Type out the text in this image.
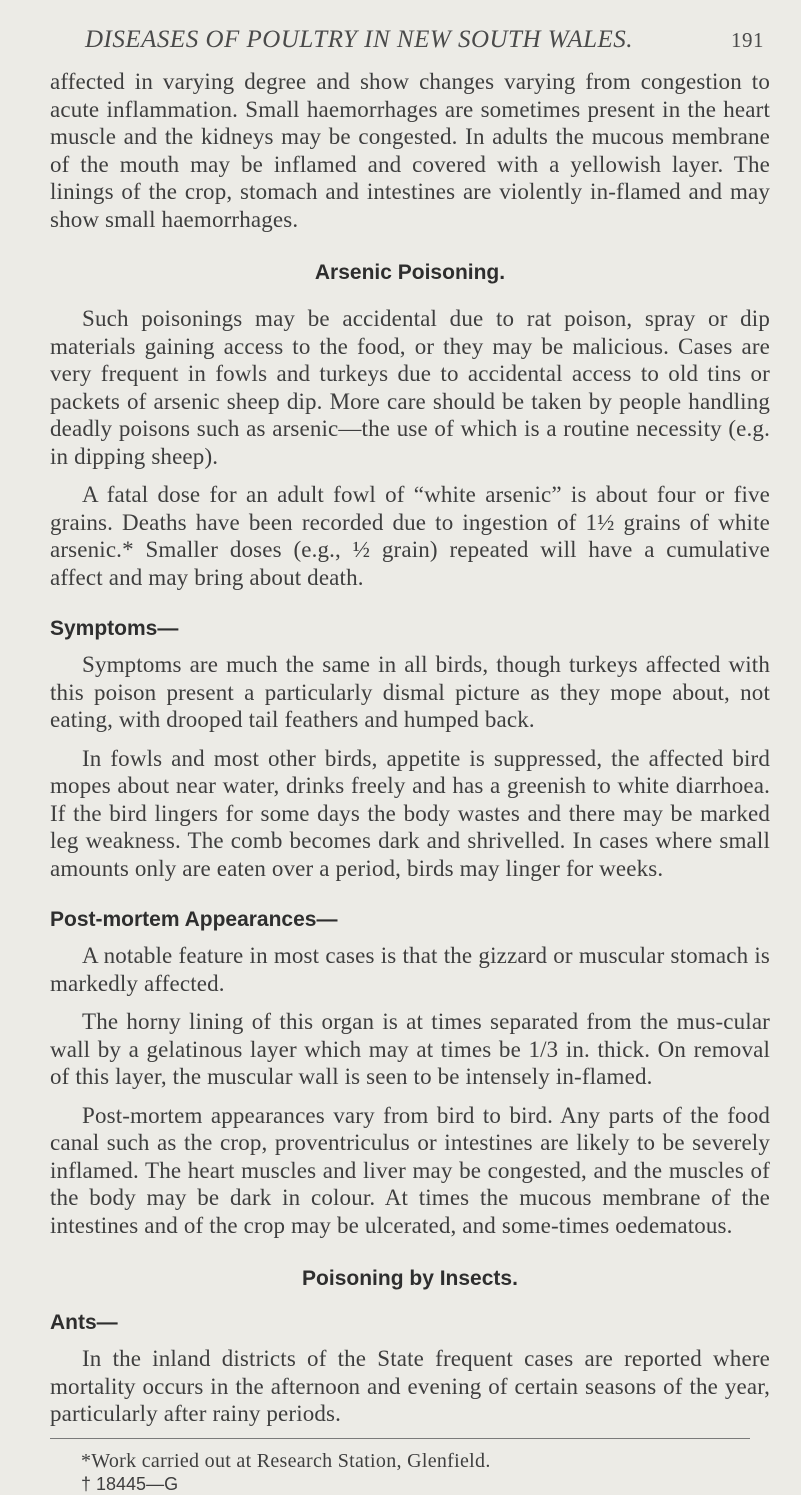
DISEASES OF POULTRY IN NEW SOUTH WALES.	191

affected in varying degree and show changes varying from congestion to acute inflammation. Small haemorrhages are sometimes present in the heart muscle and the kidneys may be congested. In adults the mucous membrane of the mouth may be inflamed and covered with a yellowish layer. The linings of the crop, stomach and intestines are violently in-flamed and may show small haemorrhages.

Arsenic Poisoning.

Such poisonings may be accidental due to rat poison, spray or dip materials gaining access to the food, or they may be malicious. Cases are very frequent in fowls and turkeys due to accidental access to old tins or packets of arsenic sheep dip. More care should be taken by people handling deadly poisons such as arsenic—the use of which is a routine necessity (e.g. in dipping sheep).

A fatal dose for an adult fowl of “white arsenic” is about four or five grains. Deaths have been recorded due to ingestion of 1½ grains of white arsenic.* Smaller doses (e.g., ½ grain) repeated will have a cumulative affect and may bring about death.

Symptoms—

Symptoms are much the same in all birds, though turkeys affected with this poison present a particularly dismal picture as they mope about, not eating, with drooped tail feathers and humped back.

In fowls and most other birds, appetite is suppressed, the affected bird mopes about near water, drinks freely and has a greenish to white diarrhoea. If the bird lingers for some days the body wastes and there may be marked leg weakness. The comb becomes dark and shrivelled. In cases where small amounts only are eaten over a period, birds may linger for weeks.

Post-mortem Appearances—

A notable feature in most cases is that the gizzard or muscular stomach is markedly affected.

The horny lining of this organ is at times separated from the mus-cular wall by a gelatinous layer which may at times be 1/3 in. thick. On removal of this layer, the muscular wall is seen to be intensely in-flamed.

Post-mortem appearances vary from bird to bird. Any parts of the food canal such as the crop, proventriculus or intestines are likely to be severely inflamed. The heart muscles and liver may be congested, and the muscles of the body may be dark in colour. At times the mucous membrane of the intestines and of the crop may be ulcerated, and some-times oedematous.

Poisoning by Insects.
Ants—

In the inland districts of the State frequent cases are reported where mortality occurs in the afternoon and evening of certain seasons of the year, particularly after rainy periods.

*Work carried out at Research Station, Glenfield.
† 18445—G
